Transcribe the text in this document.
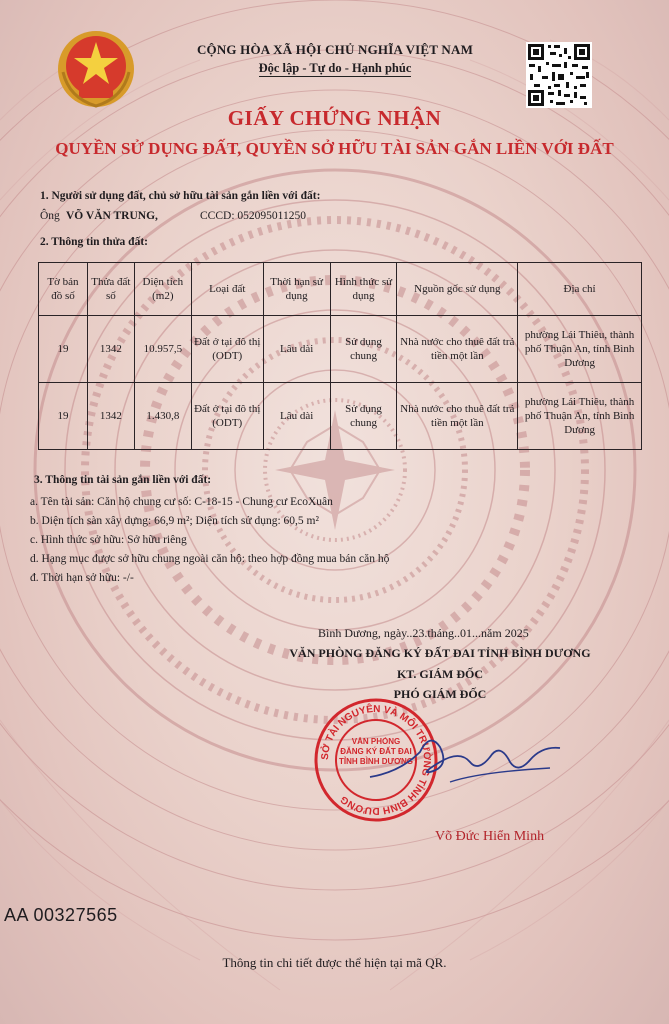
CỘNG HÒA XÃ HỘI CHỦ NGHĨA VIỆT NAM
Độc lập - Tự do - Hạnh phúc
GIẤY CHỨNG NHẬN
QUYỀN SỬ DỤNG ĐẤT, QUYỀN SỞ HỮU TÀI SẢN GẮN LIỀN VỚI ĐẤT
1. Người sử dụng đất, chủ sở hữu tài sản gắn liền với đất:
Ông VÕ VĂN TRUNG,	CCCD: 052095011250
2. Thông tin thửa đất:
Tờ bản đồ số	Thửa đất số	Diện tích (m2)	Loại đất	Thời hạn sử dụng	Hình thức sử dụng	Nguồn gốc sử dụng	Địa chỉ
19	1342	10.957,5	Đất ở tại đô thị (ODT)	Lâu dài	Sử dụng chung	Nhà nước cho thuê đất trả tiền một lần	phường Lái Thiêu, thành phố Thuận An, tỉnh Bình Dương
19	1342	1.430,8	Đất ở tại đô thị (ODT)	Lâu dài	Sử dụng chung	Nhà nước cho thuê đất trả tiền một lần	phường Lái Thiêu, thành phố Thuận An, tỉnh Bình Dương
3. Thông tin tài sản gắn liền với đất:
a. Tên tài sản: Căn hộ chung cư số: C-18-15 - Chung cư EcoXuân
b. Diện tích sàn xây dựng: 66,9 m²; Diện tích sử dụng: 60,5 m²
c. Hình thức sở hữu: Sở hữu riêng
d. Hạng mục được sở hữu chung ngoài căn hộ: theo hợp đồng mua bán căn hộ
đ. Thời hạn sở hữu: -/-
Bình Dương, ngày..23.tháng..01...năm 2025
VĂN PHÒNG ĐĂNG KÝ ĐẤT ĐAI TỈNH BÌNH DƯƠNG
KT. GIÁM ĐỐC
PHÓ GIÁM ĐỐC
SỞ TÀI NGUYÊN VÀ MÔI TRƯỜNG TỈNH BÌNH DƯƠNG
VĂN PHÒNG ĐĂNG KÝ ĐẤT ĐAI TỈNH BÌNH DƯƠNG
Võ Đức Hiển Minh
AA 00327565
Thông tin chi tiết được thể hiện tại mã QR.
